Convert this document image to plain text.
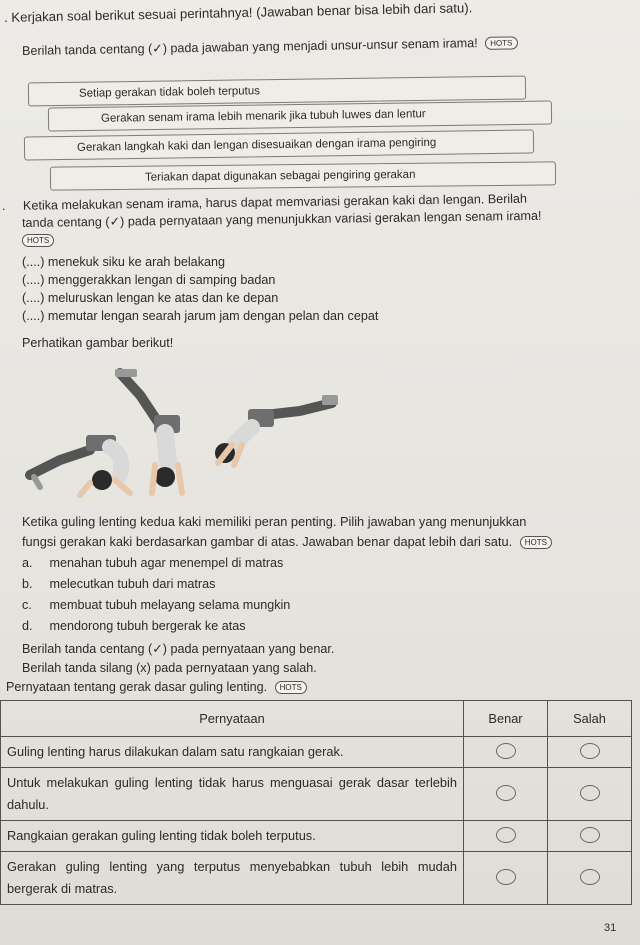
. Kerjakan soal berikut sesuai perintahnya! (Jawaban benar bisa lebih dari satu).
Berilah tanda centang (✓) pada jawaban yang menjadi unsur-unsur senam irama! HOTS
Setiap gerakan tidak boleh terputus
Gerakan senam irama lebih menarik jika tubuh luwes dan lentur
Gerakan langkah kaki dan lengan disesuaikan dengan irama pengiring
Teriakan dapat digunakan sebagai pengiring gerakan
. Ketika melakukan senam irama, harus dapat memvariasi gerakan kaki dan lengan. Berilah
tanda centang (✓) pada pernyataan yang menunjukkan variasi gerakan lengan senam irama!
HOTS
(....) menekuk siku ke arah belakang
(....) menggerakkan lengan di samping badan
(....) meluruskan lengan ke atas dan ke depan
(....) memutar lengan searah jarum jam dengan pelan dan cepat
Perhatikan gambar berikut!
Ketika guling lenting kedua kaki memiliki peran penting. Pilih jawaban yang menunjukkan
fungsi gerakan kaki berdasarkan gambar di atas. Jawaban benar dapat lebih dari satu. HOTS
a. menahan tubuh agar menempel di matras
b. melecutkan tubuh dari matras
c. membuat tubuh melayang selama mungkin
d. mendorong tubuh bergerak ke atas
Berilah tanda centang (✓) pada pernyataan yang benar.
Berilah tanda silang (x) pada pernyataan yang salah.
Pernyataan tentang gerak dasar guling lenting. HOTS
Pernyataan	Benar	Salah
Guling lenting harus dilakukan dalam satu rangkaian gerak.		
Untuk melakukan guling lenting tidak harus menguasai gerak dasar terlebih dahulu.		
Rangkaian gerakan guling lenting tidak boleh terputus.		
Gerakan guling lenting yang terputus menyebabkan tubuh lebih mudah bergerak di matras.		
31
